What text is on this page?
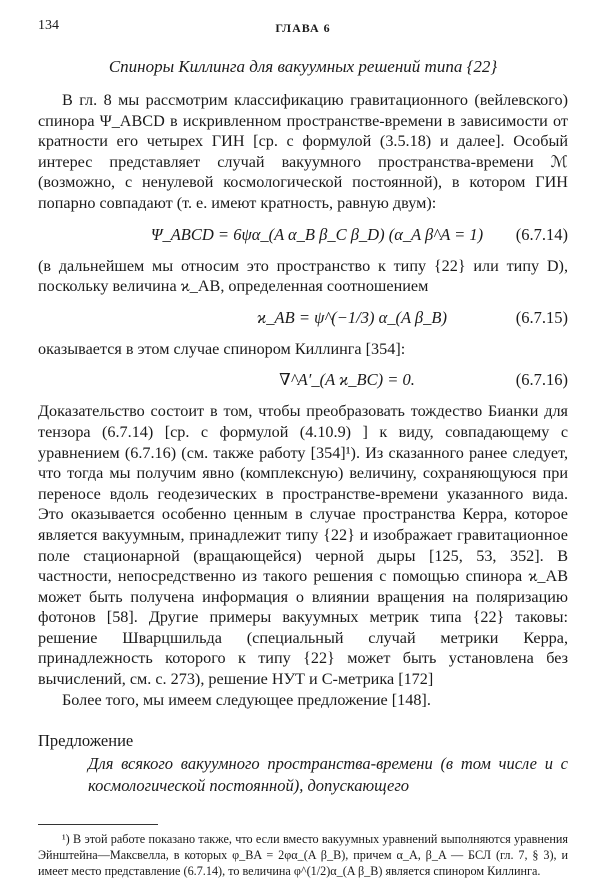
134	ГЛАВА 6
Спиноры Киллинга для вакуумных решений типа {22}

В гл. 8 мы рассмотрим классификацию гравитационного (вейлевского) спинора Ψ_ABCD в искривленном пространстве-времени в зависимости от кратности его четырех ГИН [ср. с формулой (3.5.18) и далее]. Особый интерес представляет случай вакуумного пространства-времени ℳ (возможно, с ненулевой космологической постоянной), в котором ГИН попарно совпадают (т. е. имеют кратность, равную двум):

Ψ_ABCD = 6ψα_(A α_B β_C β_D) (α_A β^A = 1)	(6.7.14)

(в дальнейшем мы относим это пространство к типу {22} или типу D), поскольку величина ϰ_AB, определенная соотношением

ϰ_AB = ψ^(−1/3) α_(A β_B)	(6.7.15)

оказывается в этом случае спинором Киллинга [354]:

∇^A′_(A ϰ_BC) = 0.	(6.7.16)

Доказательство состоит в том, чтобы преобразовать тождество Бианки для тензора (6.7.14) [ср. с формулой (4.10.9) ] к виду, совпадающему с уравнением (6.7.16) (см. также работу [354]¹). Из сказанного ранее следует, что тогда мы получим явно (комплексную) величину, сохраняющуюся при переносе вдоль геодезических в пространстве-времени указанного вида. Это оказывается особенно ценным в случае пространства Керра, которое является вакуумным, принадлежит типу {22} и изображает гравитационное поле стационарной (вращающейся) черной дыры [125, 53, 352]. В частности, непосредственно из такого решения с помощью спинора ϰ_AB может быть получена информация о влиянии вращения на поляризацию фотонов [58]. Другие примеры вакуумных метрик типа {22} таковы: решение Шварцшильда (специальный случай метрики Керра, принадлежность которого к типу {22} может быть установлена без вычислений, см. с. 273), решение НУТ и C-метрика [172]

Более того, мы имеем следующее предложение [148].

Предложение
Для всякого вакуумного пространства-времени (в том числе и с космологической постоянной), допускающего
¹) В этой работе показано также, что если вместо вакуумных уравнений выполняются уравнения Эйнштейна—Максвелла, в которых φ_BA = 2φα_(A β_B), причем α_A, β_A — БСЛ (гл. 7, § 3), и имеет место представление (6.7.14), то величина φ^(1/2)α_(A β_B) является спинором Киллинга.
